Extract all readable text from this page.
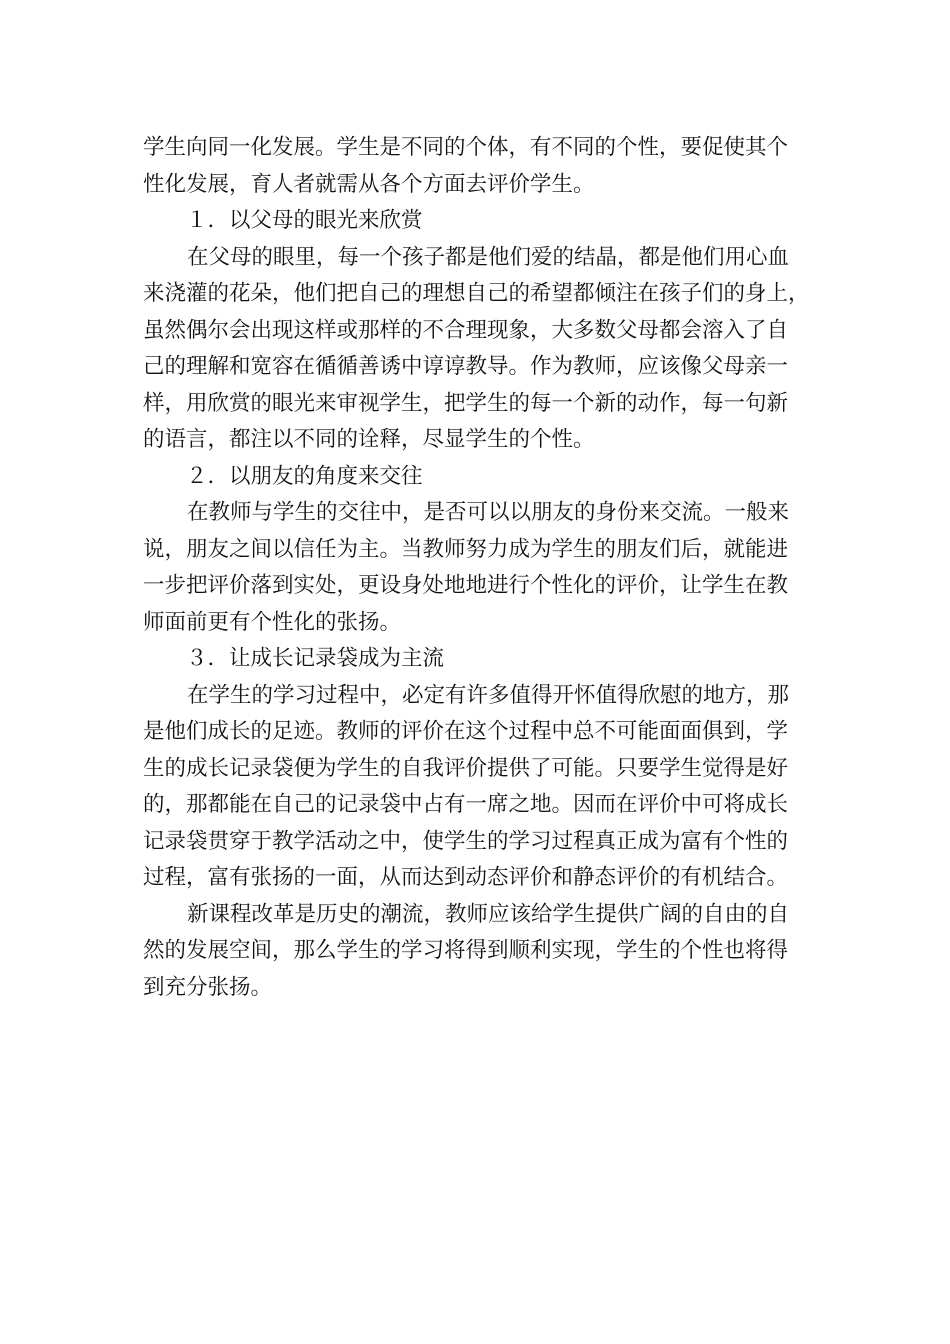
学生向同一化发展。学生是不同的个体，有不同的个性，要促使其个
性化发展，育人者就需从各个方面去评价学生。
１．以父母的眼光来欣赏
在父母的眼里，每一个孩子都是他们爱的结晶，都是他们用心血
来浇灌的花朵，他们把自己的理想自己的希望都倾注在孩子们的身上，
虽然偶尔会出现这样或那样的不合理现象，大多数父母都会溶入了自
己的理解和宽容在循循善诱中谆谆教导。作为教师，应该像父母亲一
样，用欣赏的眼光来审视学生，把学生的每一个新的动作，每一句新
的语言，都注以不同的诠释，尽显学生的个性。
２．以朋友的角度来交往
在教师与学生的交往中，是否可以以朋友的身份来交流。一般来
说，朋友之间以信任为主。当教师努力成为学生的朋友们后，就能进
一步把评价落到实处，更设身处地地进行个性化的评价，让学生在教
师面前更有个性化的张扬。
３．让成长记录袋成为主流
在学生的学习过程中，必定有许多值得开怀值得欣慰的地方，那
是他们成长的足迹。教师的评价在这个过程中总不可能面面俱到，学
生的成长记录袋便为学生的自我评价提供了可能。只要学生觉得是好
的，那都能在自己的记录袋中占有一席之地。因而在评价中可将成长
记录袋贯穿于教学活动之中，使学生的学习过程真正成为富有个性的
过程，富有张扬的一面，从而达到动态评价和静态评价的有机结合。
新课程改革是历史的潮流，教师应该给学生提供广阔的自由的自
然的发展空间，那么学生的学习将得到顺利实现，学生的个性也将得
到充分张扬。
